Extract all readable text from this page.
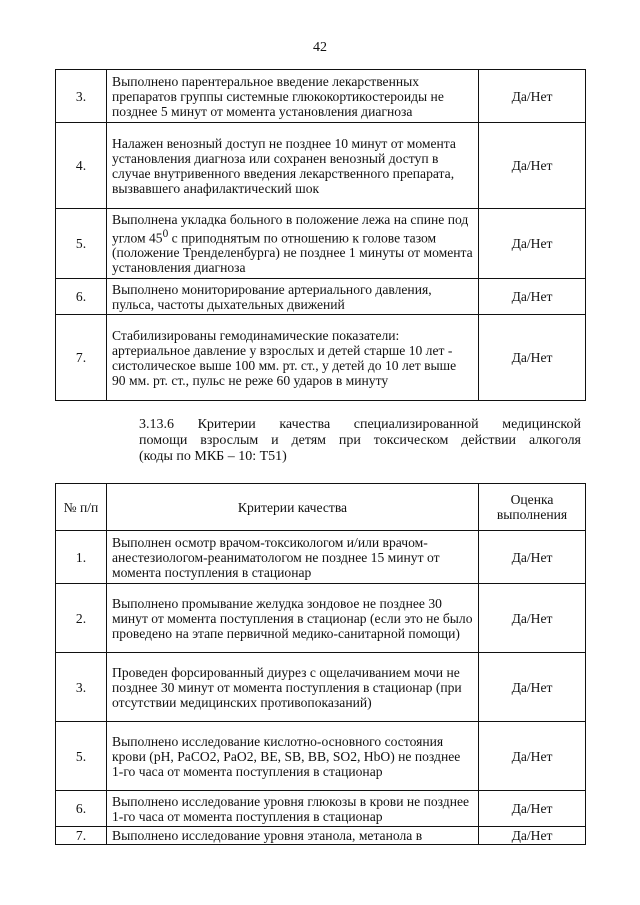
42
3.	Выполнено парентеральное введение лекарственных препаратов группы системные глюкокортикостероиды не позднее 5 минут от момента установления диагноза	Да/Нет
4.	Налажен венозный доступ не позднее 10 минут от момента установления диагноза или сохранен венозный доступ в случае внутривенного введения лекарственного препарата, вызвавшего анафилактический шок	Да/Нет
5.	Выполнена укладка больного в положение лежа на спине под углом $45^0$ с приподнятым по отношению к голове тазом (положение Тренделенбурга) не позднее 1 минуты от момента установления диагноза	Да/Нет
6.	Выполнено мониторирование артериального давления, пульса, частоты дыхательных движений	Да/Нет
7.	Стабилизированы гемодинамические показатели: артериальное давление у взрослых и детей старше 10 лет - систолическое выше 100 мм. рт. ст., у детей до 10 лет выше 90 мм. рт. ст., пульс не реже 60 ударов в минуту	Да/Нет
3.13.6 Критерии качества специализированной медицинской
помощи взрослым и детям при токсическом действии алкоголя
(коды по МКБ – 10: T51)
№ п/п	Критерии качества	Оценка выполнения
1.	Выполнен осмотр врачом-токсикологом и/или врачом-анестезиологом-реаниматологом не позднее 15 минут от момента поступления в стационар	Да/Нет
2.	Выполнено промывание желудка зондовое не позднее 30 минут от момента поступления в стационар (если это не было проведено на этапе первичной медико-санитарной помощи)	Да/Нет
3.	Проведен форсированный диурез с ощелачиванием мочи не позднее 30 минут от момента поступления в стационар (при отсутствии медицинских противопоказаний)	Да/Нет
5.	Выполнено исследование кислотно-основного состояния крови (pH, PaCO2, PaO2, BE, SB, BB, SO2, HbO) не позднее 1-го часа от момента поступления в стационар	Да/Нет
6.	Выполнено исследование уровня глюкозы в крови не позднее 1-го часа от момента поступления в стационар	Да/Нет
7.	Выполнено исследование уровня этанола, метанола в	Да/Нет
